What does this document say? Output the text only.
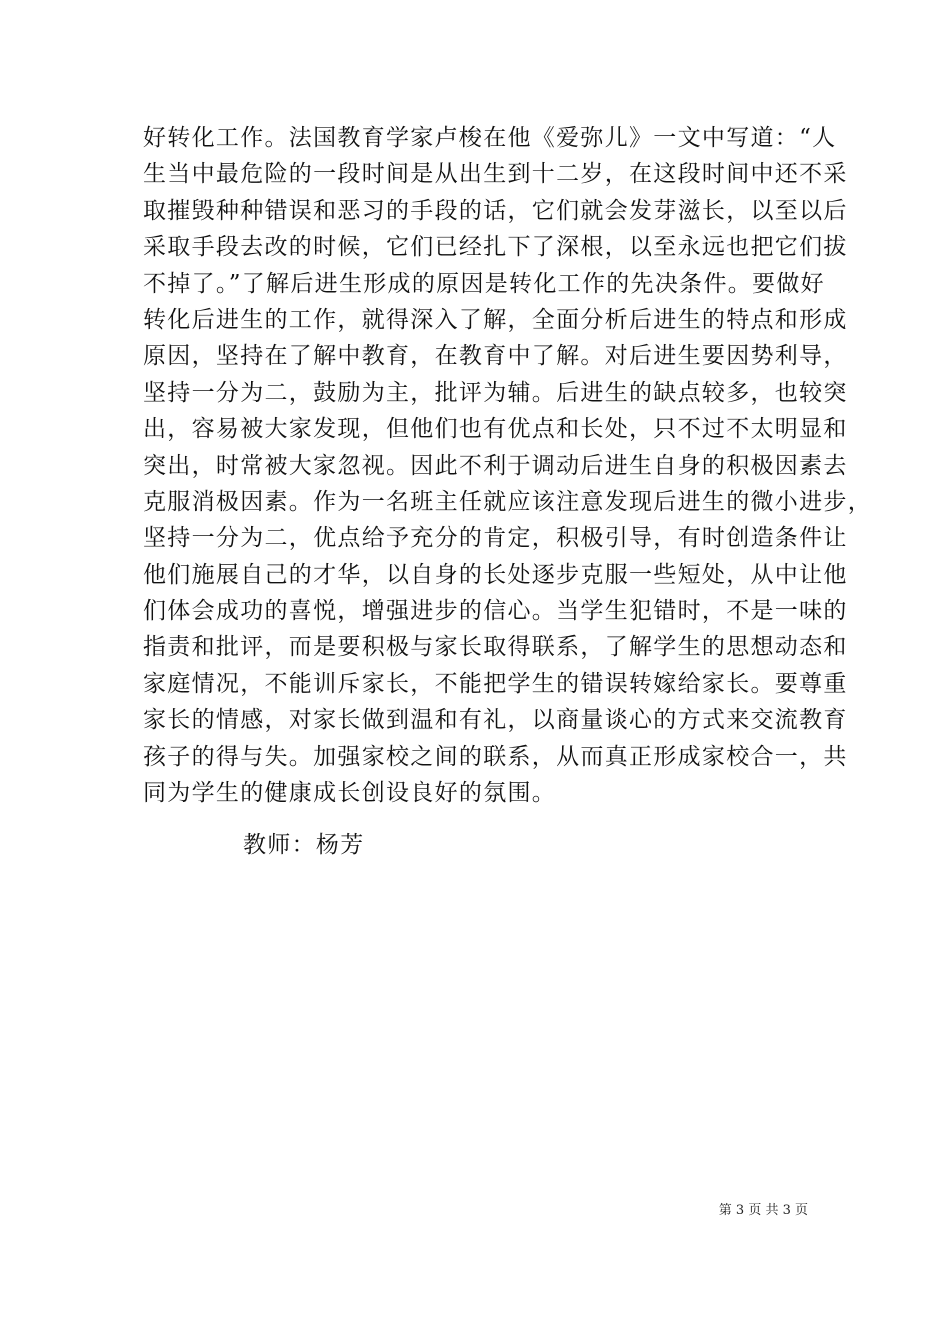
好转化工作。法国教育学家卢梭在他《爱弥儿》一文中写道：“人
生当中最危险的一段时间是从出生到十二岁，在这段时间中还不采
取摧毁种种错误和恶习的手段的话，它们就会发芽滋长，以至以后
采取手段去改的时候，它们已经扎下了深根，以至永远也把它们拔
不掉了。”了解后进生形成的原因是转化工作的先决条件。要做好
转化后进生的工作，就得深入了解，全面分析后进生的特点和形成
原因，坚持在了解中教育，在教育中了解。对后进生要因势利导，
坚持一分为二，鼓励为主，批评为辅。后进生的缺点较多，也较突
出，容易被大家发现，但他们也有优点和长处，只不过不太明显和
突出，时常被大家忽视。因此不利于调动后进生自身的积极因素去
克服消极因素。作为一名班主任就应该注意发现后进生的微小进步，
坚持一分为二，优点给予充分的肯定，积极引导，有时创造条件让
他们施展自己的才华，以自身的长处逐步克服一些短处，从中让他
们体会成功的喜悦，增强进步的信心。当学生犯错时，不是一味的
指责和批评，而是要积极与家长取得联系，了解学生的思想动态和
家庭情况，不能训斥家长，不能把学生的错误转嫁给家长。要尊重
家长的情感，对家长做到温和有礼，以商量谈心的方式来交流教育
孩子的得与失。加强家校之间的联系，从而真正形成家校合一，共
同为学生的健康成长创设良好的氛围。
教师：杨芳
第 3 页 共 3 页
